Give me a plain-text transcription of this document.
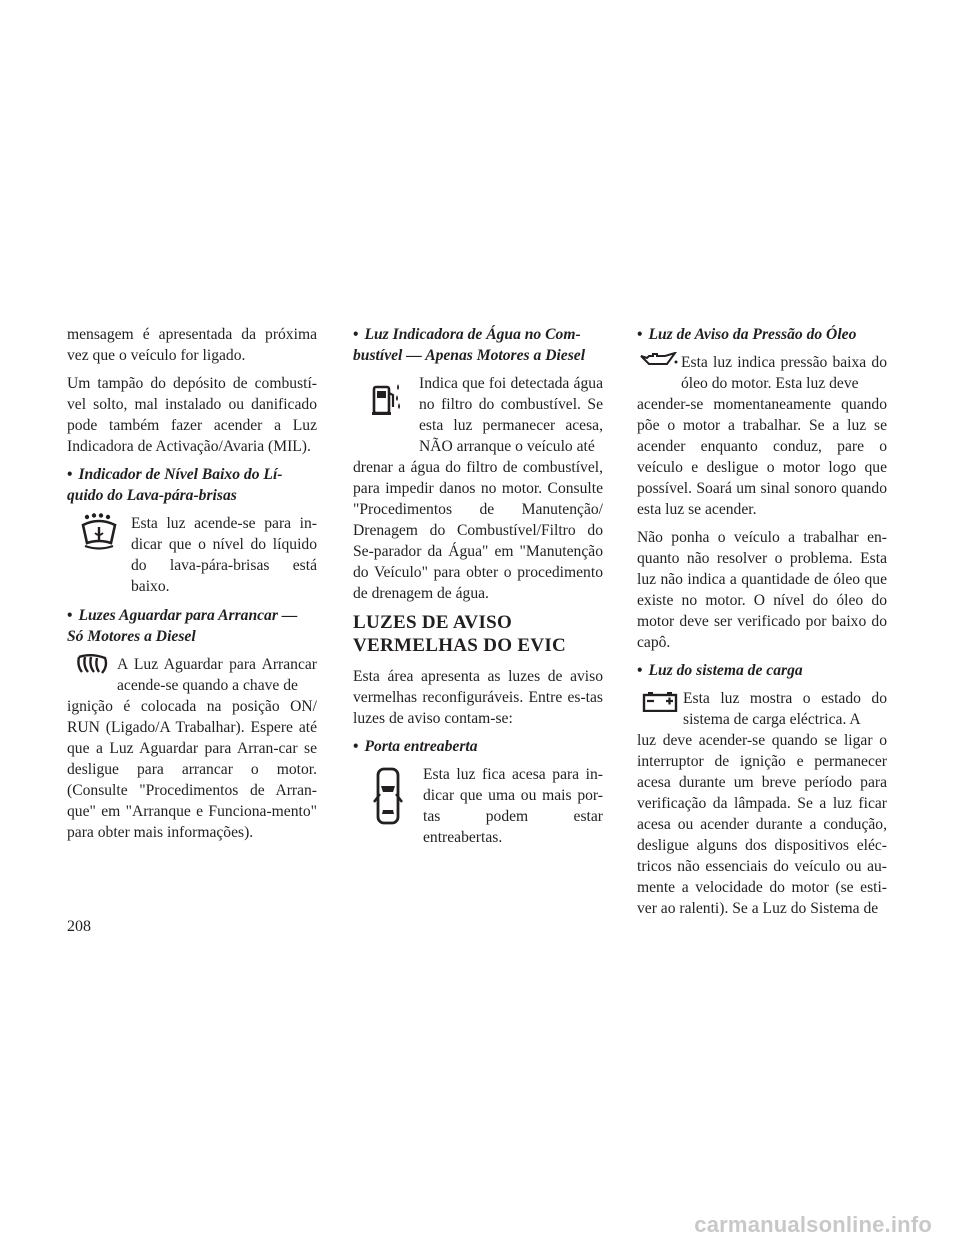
mensagem é apresentada da próxima vez que o veículo for ligado.

Um tampão do depósito de combustí-vel solto, mal instalado ou danificado pode também fazer acender a Luz Indicadora de Activação/Avaria (MIL).

• Indicador de Nível Baixo do Lí-quido do Lava-pára-brisas
Esta luz acende-se para in-dicar que o nível do líquido do lava-pára-brisas está baixo.
• Luzes Aguardar para Arrancar — Só Motores a Diesel
A Luz Aguardar para Arrancar acende-se quando a chave de

ignição é colocada na posição ON/ RUN (Ligado/A Trabalhar). Espere até que a Luz Aguardar para Arran-car se desligue para arrancar o motor. (Consulte "Procedimentos de Arran-que" em "Arranque e Funciona-mento" para obter mais informações).

• Luz Indicadora de Água no Com-bustível — Apenas Motores a Diesel
Indica que foi detectada água no filtro do combustível. Se esta luz permanecer acesa, NÃO arranque o veículo até

drenar a água do filtro de combustível, para impedir danos no motor. Consulte "Procedimentos de Manutenção/ Drenagem do Combustível/Filtro do Se-parador da Água" em "Manutenção do Veículo" para obter o procedimento de drenagem de água.

LUZES DE AVISO VERMELHAS DO EVIC

Esta área apresenta as luzes de aviso vermelhas reconfiguráveis. Entre es-tas luzes de aviso contam-se:

• Porta entreaberta
Esta luz fica acesa para in-dicar que uma ou mais por-tas podem estar entreabertas.
• Luz de Aviso da Pressão do Óleo
Esta luz indica pressão baixa do óleo do motor. Esta luz deve

acender-se momentaneamente quando põe o motor a trabalhar. Se a luz se acender enquanto conduz, pare o veículo e desligue o motor logo que possível. Soará um sinal sonoro quando esta luz se acender.

Não ponha o veículo a trabalhar en-quanto não resolver o problema. Esta luz não indica a quantidade de óleo que existe no motor. O nível do óleo do motor deve ser verificado por baixo do capô.

• Luz do sistema de carga
Esta luz mostra o estado do sistema de carga eléctrica. A

luz deve acender-se quando se ligar o interruptor de ignição e permanecer acesa durante um breve período para verificação da lâmpada. Se a luz ficar acesa ou acender durante a condução, desligue alguns dos dispositivos eléc-tricos não essenciais do veículo ou au-mente a velocidade do motor (se esti-ver ao ralenti). Se a Luz do Sistema de

208
carmanualsonline.info
